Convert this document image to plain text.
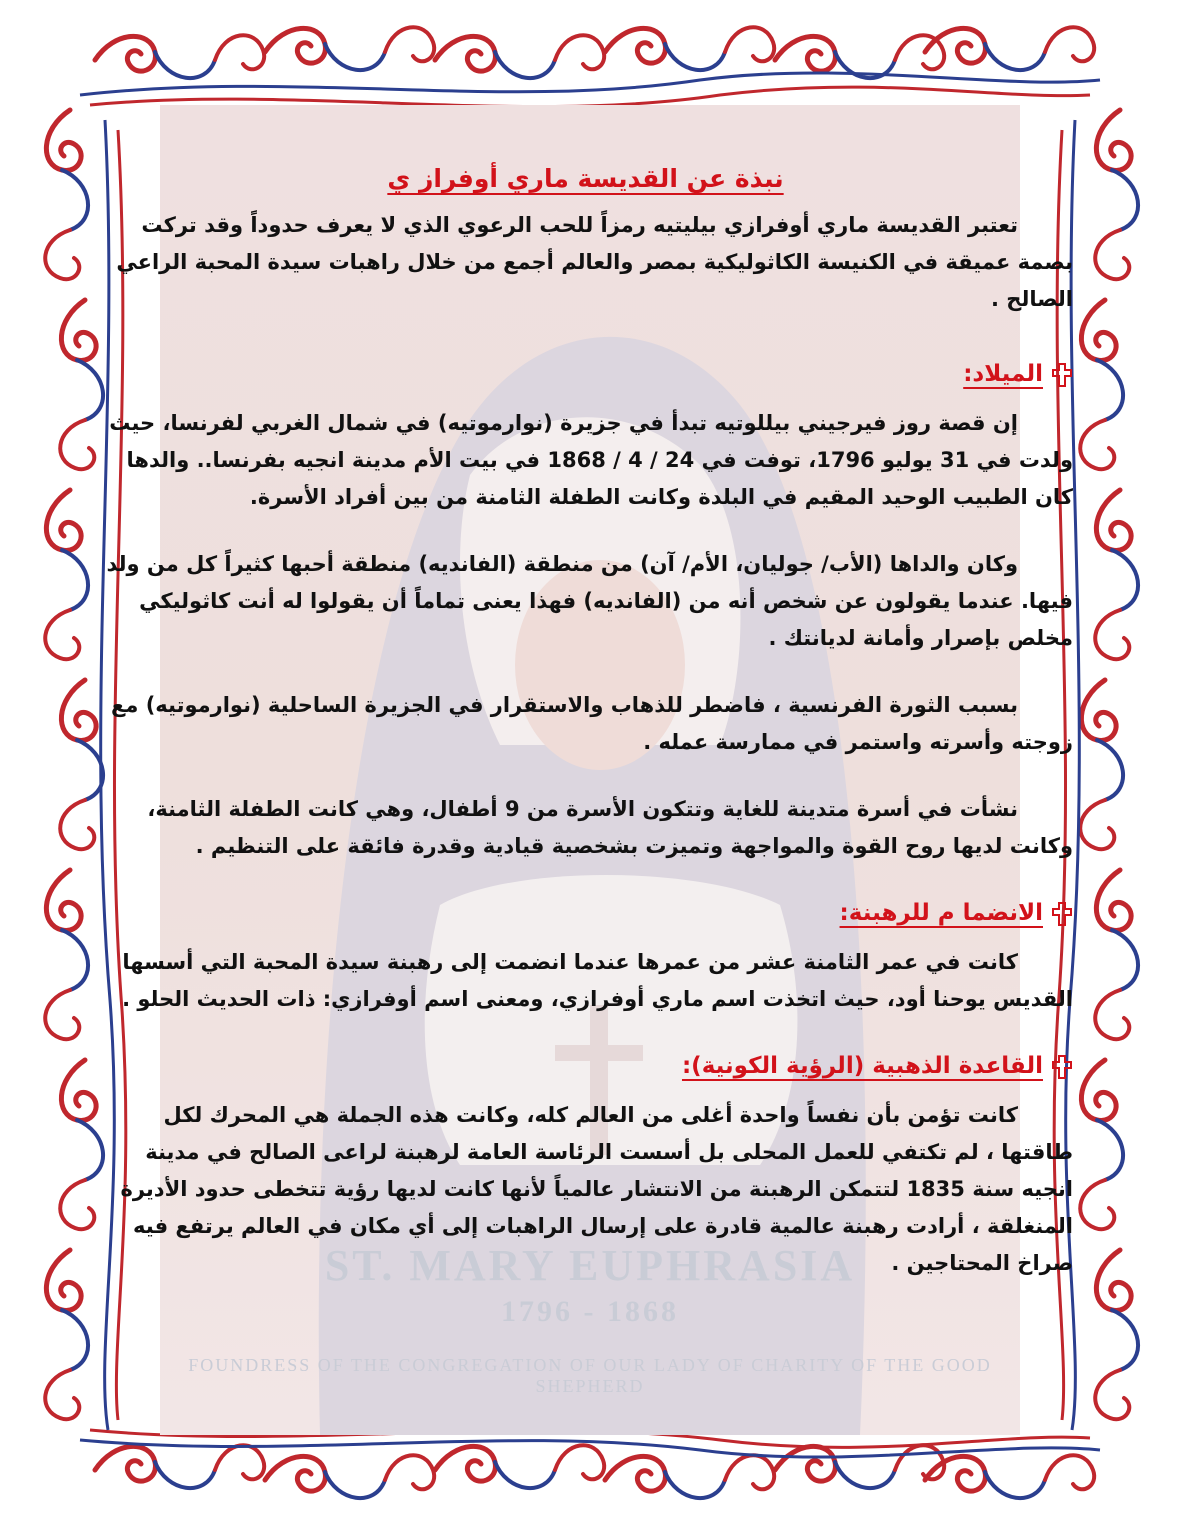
ST. MARY EUPHRASIA
1796 - 1868
FOUNDRESS OF THE CONGREGATION OF OUR LADY OF CHARITY OF THE GOOD SHEPHERD
نبذة عن القديسة ماري أوفراز ي

تعتبر القديسة ماري أوفرازي بيليتيه رمزاً للحب الرعوي الذي لا يعرف حدوداً وقد تركت بصمة عميقة في الكنيسة الكاثوليكية بمصر والعالم أجمع من خلال راهبات سيدة المحبة الراعي الصالح .

الميلاد:

إن قصة روز فيرجيني بيللوتيه تبدأ في جزيرة (نوارموتيه) في شمال الغربي لفرنسا، حيث ولدت في 31 يوليو 1796، توفت في 24 / 4 / 1868 في بيت الأم مدينة انجيه بفرنسا.. والدها كان الطبيب الوحيد المقيم في البلدة وكانت الطفلة الثامنة من بين أفراد الأسرة.

وكان والداها (الأب/ جوليان، الأم/ آن) من منطقة (الفانديه) منطقة أحبها كثيراً كل من ولد فيها. عندما يقولون عن شخص أنه من (الفانديه) فهذا يعنى تماماً أن يقولوا له أنت كاثوليكي مخلص بإصرار وأمانة لديانتك .

بسبب الثورة الفرنسية ، فاضطر للذهاب والاستقرار في الجزيرة الساحلية (نوارموتيه) مع زوجته وأسرته واستمر في ممارسة عمله .

نشأت في أسرة متدينة للغاية وتتكون الأسرة من 9 أطفال، وهي كانت الطفلة الثامنة، وكانت لديها روح القوة والمواجهة وتميزت بشخصية قيادية وقدرة فائقة على التنظيم .

الانضما م للرهبنة:

كانت في عمر الثامنة عشر من عمرها عندما انضمت إلى رهبنة سيدة المحبة التي أسسها القديس يوحنا أود، حيث اتخذت اسم ماري أوفرازي، ومعنى اسم أوفرازي: ذات الحديث الحلو .

القاعدة الذهبية (الرؤية الكونية):

كانت تؤمن بأن نفساً واحدة أغلى من العالم كله، وكانت هذه الجملة هي المحرك لكل طاقتها ، لم تكتفي للعمل المحلى بل أسست الرئاسة العامة لرهبنة لراعى الصالح في مدينة انجيه سنة 1835 لتتمكن الرهبنة من الانتشار عالمياً لأنها كانت لديها رؤية تتخطى حدود الأديرة المنغلقة ، أرادت رهبنة عالمية قادرة على إرسال الراهبات إلى أي مكان في العالم يرتفع فيه صراخ المحتاجين .
